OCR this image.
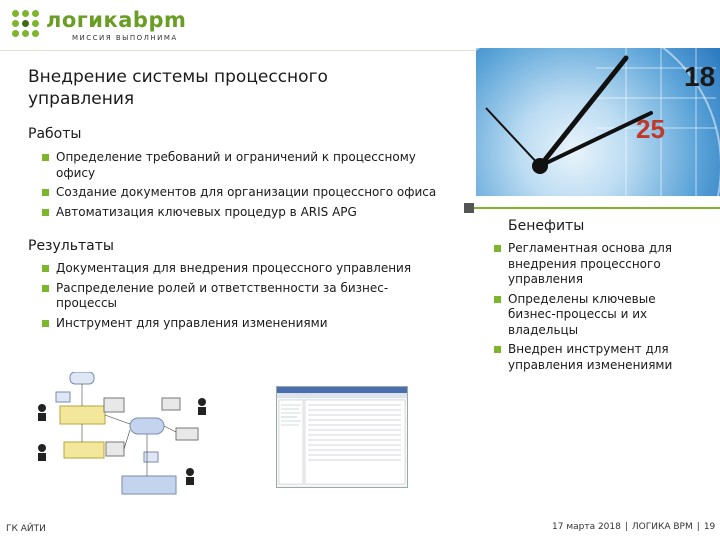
логикаbpm
МИССИЯ ВЫПОЛНИМА
Внедрение системы процессного управления
Работы
Определение требований и ограничений к процессному офису
Создание документов для организации процессного офиса
Автоматизация ключевых процедур в ARIS APG
Результаты
Документация для внедрения процессного управления
Распределение ролей и ответственности за бизнес-процессы
Инструмент для управления изменениями
18
25
Бенефиты
Регламентная основа для внедрения процессного управления
Определены ключевые бизнес-процессы и их владельцы
Внедрен инструмент для управления изменениями
ГК АЙТИ	17 марта 2018 | ЛОГИКА BPM | 19
